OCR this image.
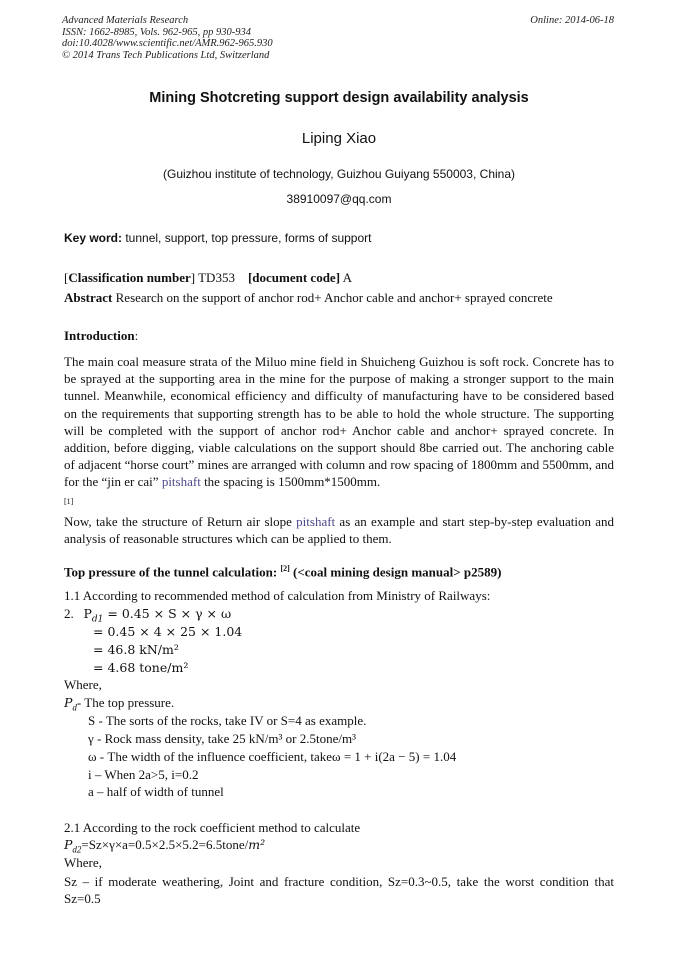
Advanced Materials Research
ISSN: 1662-8985, Vols. 962-965, pp 930-934
doi:10.4028/www.scientific.net/AMR.962-965.930
© 2014 Trans Tech Publications Ltd, Switzerland
Online: 2014-06-18
Mining Shotcreting support design availability analysis
Liping Xiao
(Guizhou institute of technology, Guizhou Guiyang 550003, China)
38910097@qq.com
Key word: tunnel, support, top pressure, forms of support
[Classification number] TD353 [document code] A
Abstract Research on the support of anchor rod+ Anchor cable and anchor+ sprayed concrete
Introduction:
The main coal measure strata of the Miluo mine field in Shuicheng Guizhou is soft rock. Concrete has to be sprayed at the supporting area in the mine for the purpose of making a stronger support to the main tunnel. Meanwhile, economical efficiency and difficulty of manufacturing have to be considered based on the requirements that supporting strength has to be able to hold the whole structure. The supporting will be completed with the support of anchor rod+ Anchor cable and anchor+ sprayed concrete. In addition, before digging, viable calculations on the support should 8be carried out. The anchoring cable of adjacent “horse court” mines are arranged with column and row spacing of 1800mm and 5500mm, and for the “jin er cai” pitshaft the spacing is 1500mm*1500mm.
[1]
Now, take the structure of Return air slope pitshaft as an example and start step-by-step evaluation and analysis of reasonable structures which can be applied to them.
Top pressure of the tunnel calculation: [2] (<coal mining design manual> p2589)
1.1 According to recommended method of calculation from Ministry of Railways:
2. $P_{d1} = 0.45 \times S \times \gamma \times \omega$
= 0.45 × 4 × 25 × 1.04
= 46.8 kN/m²
= 4.68 tone/m²
Where,
$P_d-$ The top pressure.
S - The sorts of the rocks, take IV or S=4 as example.
γ - Rock mass density, take 25 kN/m³ or 2.5tone/m³
ω - The width of the influence coefficient, takeω = 1 + i(2a − 5) = 1.04
i – When 2a>5, i=0.2
a – half of width of tunnel
2.1 According to the rock coefficient method to calculate
$P_{d2}=Sz\times\gamma\times a=0.5\times 2.5\times 5.2=6.5tone/m^2$
Where,
Sz – if moderate weathering, Joint and fracture condition, Sz=0.3~0.5, take the worst condition that Sz=0.5
